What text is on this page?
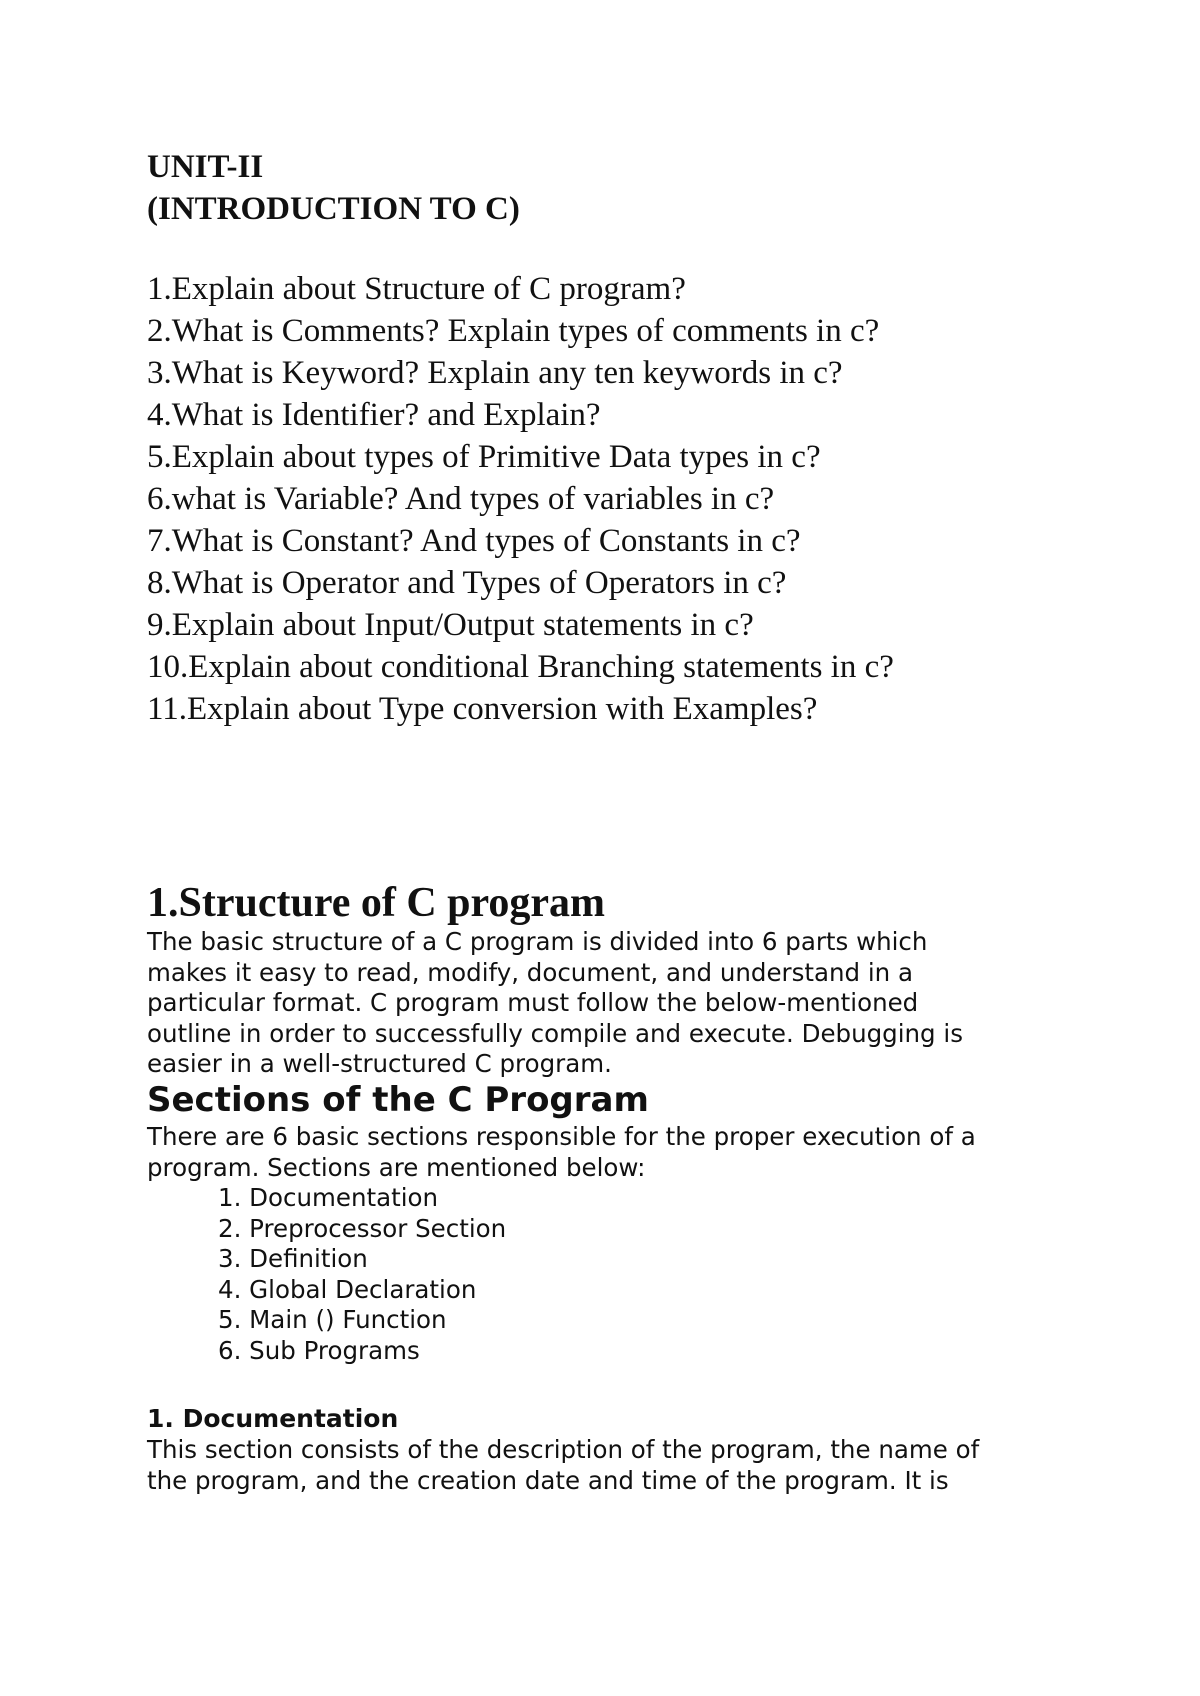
UNIT-II
(INTRODUCTION TO C)
1.Explain about Structure of C program?
2.What is Comments? Explain types of comments in c?
3.What is Keyword? Explain any ten keywords in c?
4.What is Identifier? and Explain?
5.Explain about types of Primitive Data types in c?
6.what is Variable? And types of variables in c?
7.What is Constant? And types of Constants in c?
8.What is Operator and Types of Operators in c?
9.Explain about Input/Output statements in c?
10.Explain about conditional Branching statements in c?
11.Explain about Type conversion with Examples?
1.Structure of C program

The basic structure of a C program is divided into 6 parts which
makes it easy to read, modify, document, and understand in a
particular format. C program must follow the below-mentioned
outline in order to successfully compile and execute. Debugging is
easier in a well-structured C program.

Sections of the C Program

There are 6 basic sections responsible for the proper execution of a
program. Sections are mentioned below:

1. Documentation
2. Preprocessor Section
3. Definition
4. Global Declaration
5. Main () Function
6. Sub Programs
1. Documentation

This section consists of the description of the program, the name of
the program, and the creation date and time of the program. It is
